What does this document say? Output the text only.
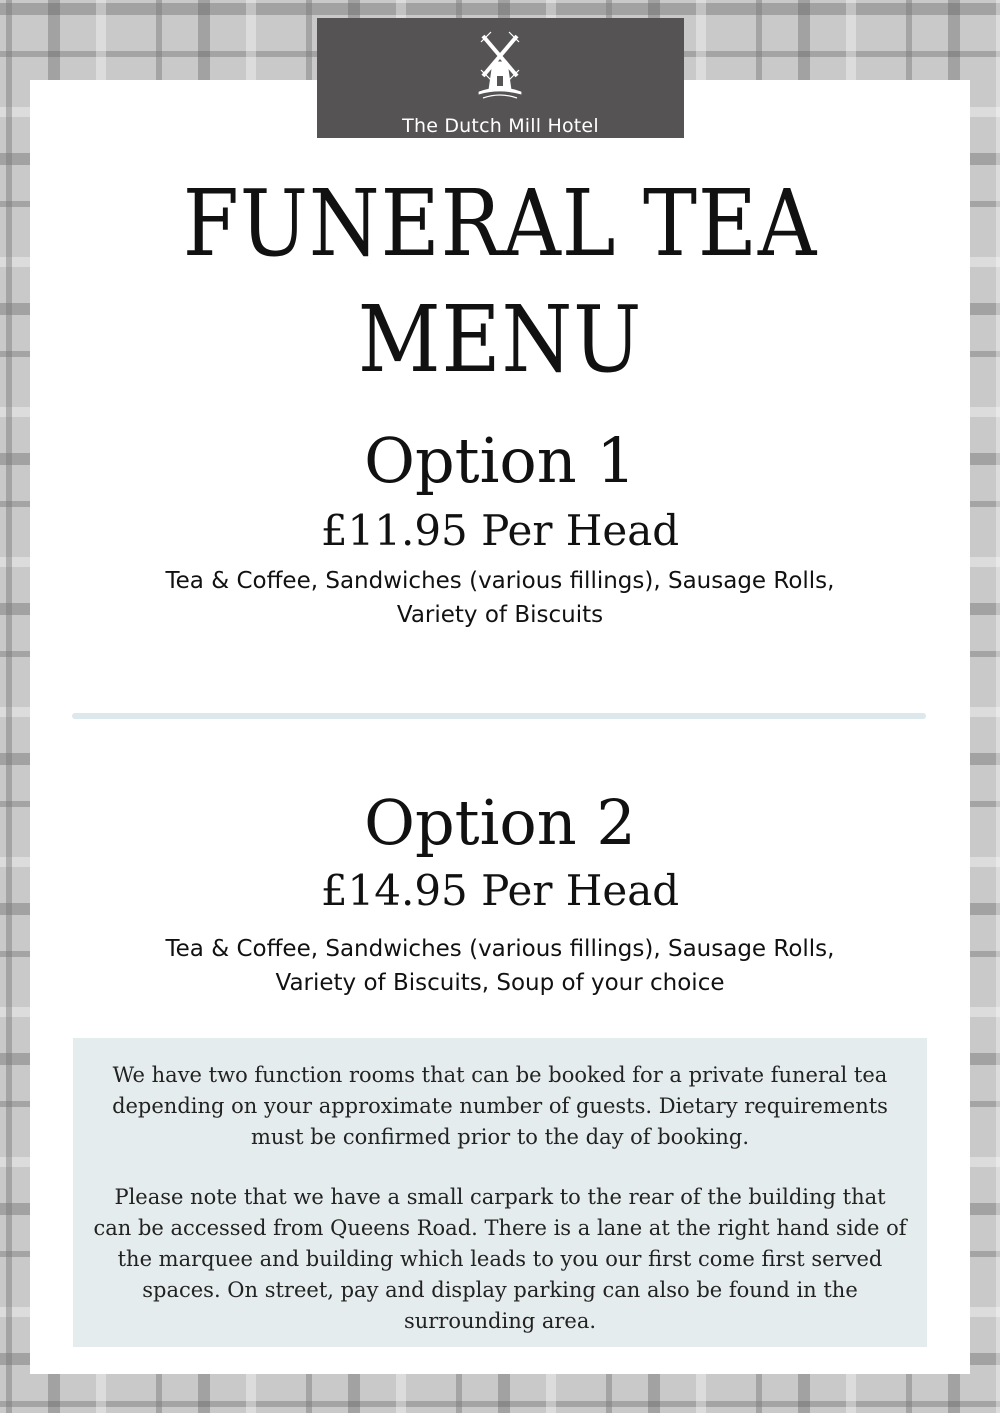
The Dutch Mill Hotel
FUNERAL TEA
MENU
Option 1
£11.95 Per Head
Tea & Coffee, Sandwiches (various fillings), Sausage Rolls,
Variety of Biscuits
Option 2
£14.95 Per Head
Tea & Coffee, Sandwiches (various fillings), Sausage Rolls,
Variety of Biscuits, Soup of your choice

We have two function rooms that can be booked for a private funeral tea depending on your approximate number of guests. Dietary requirements must be confirmed prior to the day of booking.

Please note that we have a small carpark to the rear of the building that can be accessed from Queens Road. There is a lane at the right hand side of the marquee and building which leads to you our first come first served spaces. On street, pay and display parking can also be found in the surrounding area.
